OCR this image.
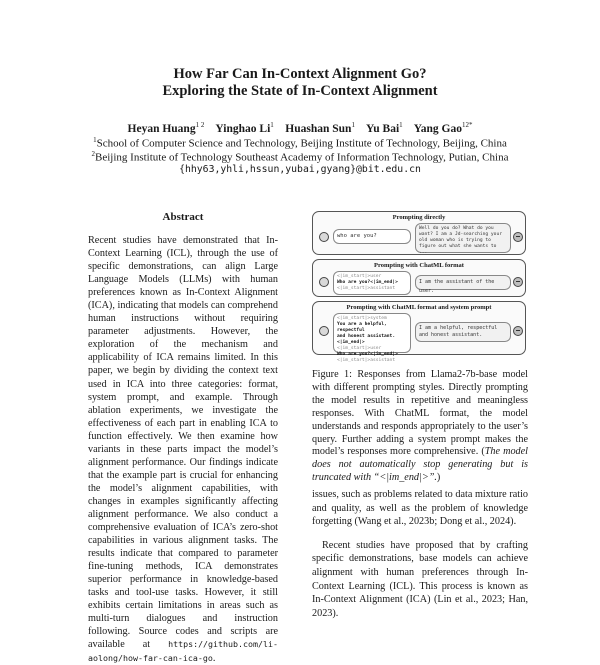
How Far Can In-Context Alignment Go?
Exploring the State of In-Context Alignment
Heyan Huang$^{1 2}$ Yinghao Li$^1$ Huashan Sun$^1$ Yu Bai$^1$ Yang Gao$^{12*}$
$^1$School of Computer Science and Technology, Beijing Institute of Technology, Beijing, China
$^2$Beijing Institute of Technology Southeast Academy of Information Technology, Putian, China
{hhy63,yhli,hssun,yubai,gyang}@bit.edu.cn
Abstract
Recent studies have demonstrated that In-Context Learning (ICL), through the use of specific demonstrations, can align Large Language Models (LLMs) with human preferences known as In-Context Alignment (ICA), indicating that models can comprehend human instructions without requiring parameter adjustments. However, the exploration of the mechanism and applicability of ICA remains limited. In this paper, we begin by dividing the context text used in ICA into three categories: format, system prompt, and example. Through ablation experiments, we investigate the effectiveness of each part in enabling ICA to function effectively. We then examine how variants in these parts impact the model’s alignment performance. Our findings indicate that the example part is crucial for enhancing the model’s alignment capabilities, with changes in examples significantly affecting alignment performance. We also conduct a comprehensive evaluation of ICA’s zero-shot capabilities in various alignment tasks. The results indicate that compared to parameter fine-tuning methods, ICA demonstrates superior performance in knowledge-based tasks and tool-use tasks. However, it still exhibits certain limitations in areas such as multi-turn dialogues and instruction following. Source codes and scripts are available at https://github.com/li-aolong/how-far-can-ica-go.
Prompting directly
who are you?
Well do you do? What do you want? I am a Jd-searching your old woman who is trying to figure out what she wants to ...
Prompting with ChatML format
<|im_start|>user
Who are you?<|im_end|>
<|im_start|>assistant
I am the assistant of the user.
Prompting with ChatML format and system prompt
<|im_start|>system
You are a helpful, respectful
and honest assistant.<|im_end|>
<|im_start|>user
Who are you?<|im_end|>
<|im_start|>assistant
I am a helpful, respectful and honest assistant.
Figure 1: Responses from Llama2-7b-base model with different prompting styles. Directly prompting the model results in repetitive and meaningless responses. With ChatML format, the model understands and responds appropriately to the user’s query. Further adding a system prompt makes the model’s responses more comprehensive. (The model does not automatically stop generating but is truncated with “<|im_end|>”.)

issues, such as problems related to data mixture ratio and quality, as well as the problem of knowledge forgetting (Wang et al., 2023b; Dong et al., 2024).

Recent studies have proposed that by crafting specific demonstrations, base models can achieve alignment with human preferences through In-Context Learning (ICL). This process is known as In-Context Alignment (ICA) (Lin et al., 2023; Han, 2023).
